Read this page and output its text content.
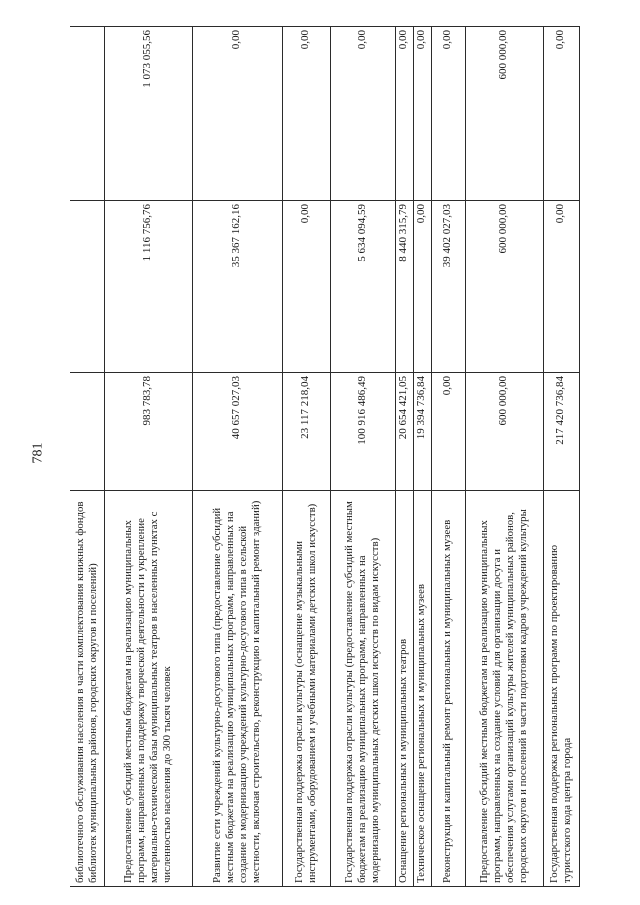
781
библиотечного обслуживания населения в части комплектования книжных фондов библиотек муниципальных районов, городских округов и поселений)			
Предоставление субсидий местным бюджетам на реализацию муниципальных программ, направленных на поддержку творческой деятельности и укрепление материально-технической базы муниципальных театров в населенных пунктах с численностью населения до 300 тысяч человек	983 783,78	1 116 756,76	1 073 055,56
Развитие сети учреждений культурно-досугового типа (предоставление субсидий местным бюджетам на реализацию муниципальных программ, направленных на создание и модернизацию учреждений культурно-досугового типа в сельской местности, включая строительство, реконструкцию и капитальный ремонт зданий)	40 657 027,03	35 367 162,16	0,00
Государственная поддержка отрасли культуры (оснащение музыкальными инструментами, оборудованием и учебными материалами детских школ искусств)	23 117 218,04	0,00	0,00
Государственная поддержка отрасли культуры (предоставление субсидий местным бюджетам на реализацию муниципальных программ, направленных на модернизацию муниципальных детских школ искусств по видам искусств)	100 916 486,49	5 634 094,59	0,00
Оснащение региональных и муниципальных театров	20 654 421,05	8 440 315,79	0,00
Техническое оснащение региональных и муниципальных музеев	19 394 736,84	0,00	0,00
Реконструкция и капитальный ремонт региональных и муниципальных музеев	0,00	39 402 027,03	0,00
Предоставление субсидий местным бюджетам на реализацию муниципальных программ, направленных на создание условий для организации досуга и обеспечения услугами организаций культуры жителей муниципальных районов, городских округов и поселений в части подготовки кадров учреждений культуры	600 000,00	600 000,00	600 000,00
Государственная поддержка региональных программ по проектированию туристского кода центра города	217 420 736,84	0,00	0,00
